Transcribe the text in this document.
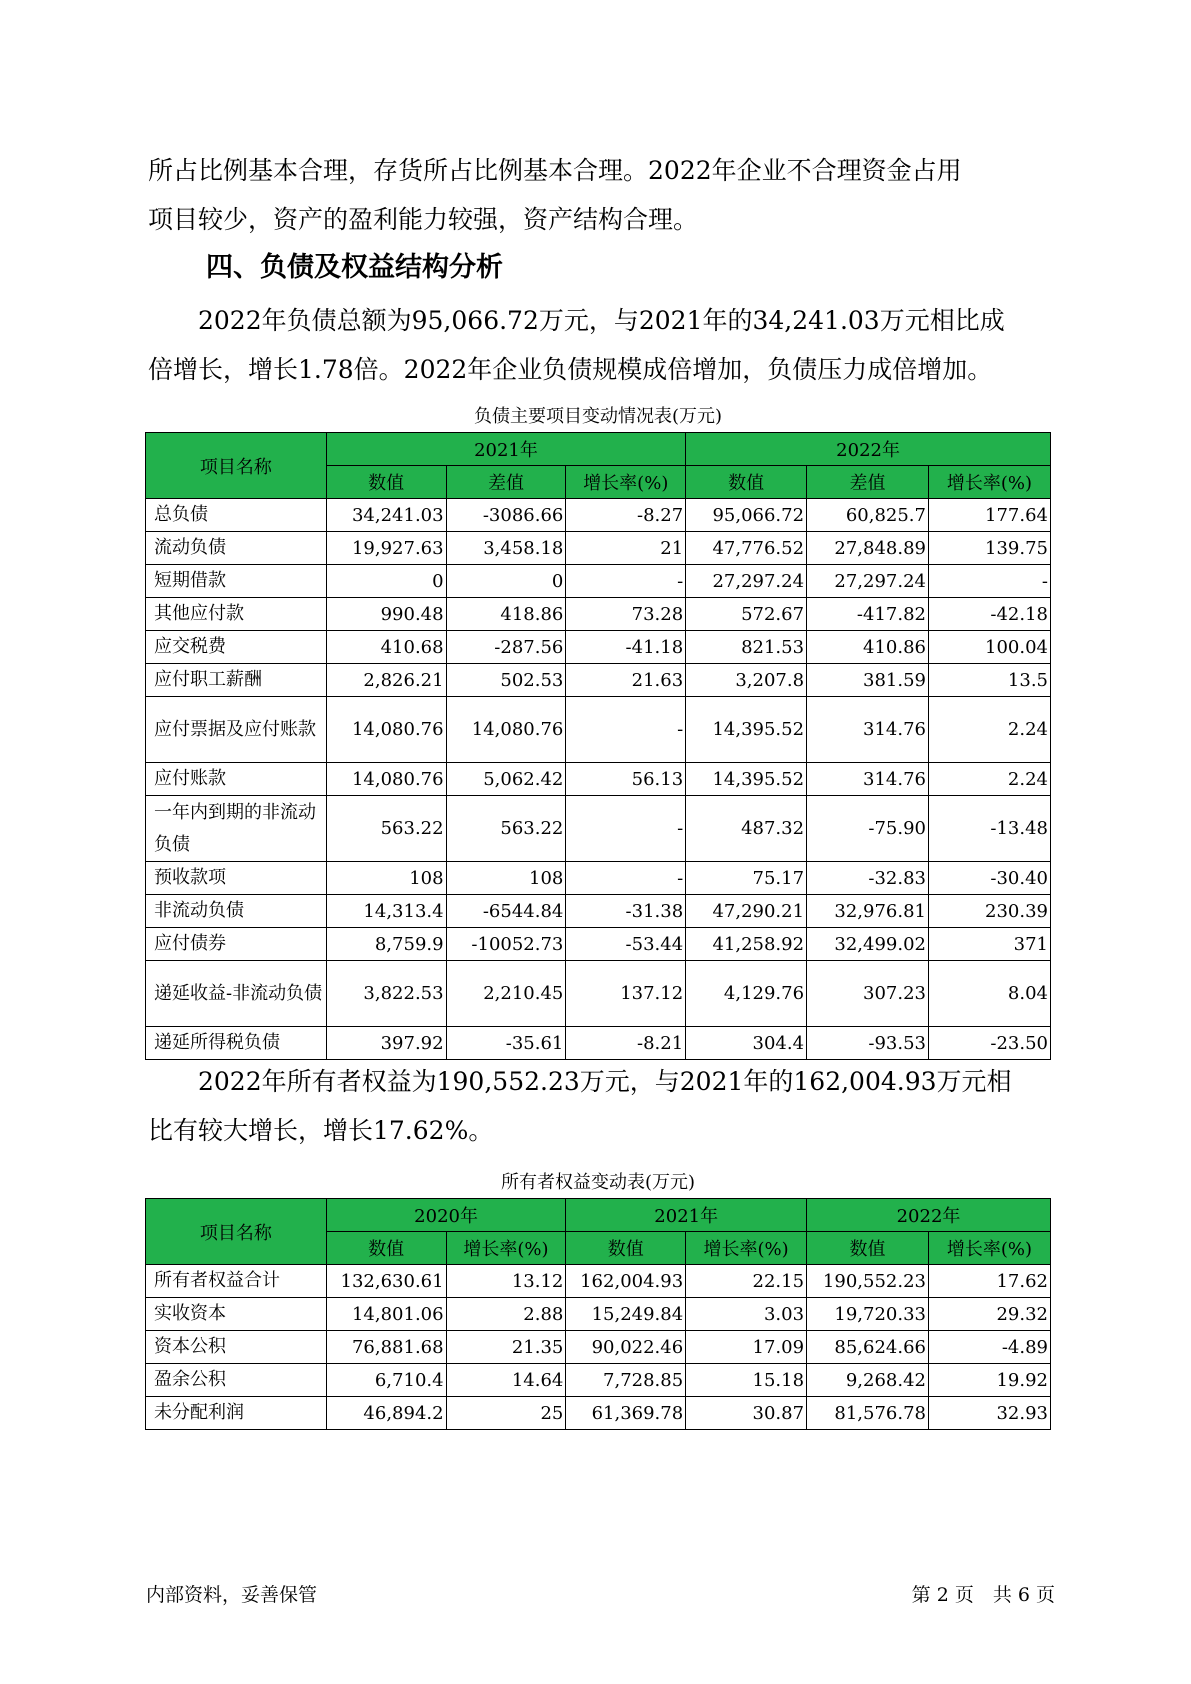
所占比例基本合理，存货所占比例基本合理。2022年企业不合理资金占用

项目较少，资产的盈利能力较强，资产结构合理。

四、负债及权益结构分析

　　2022年负债总额为95,066.72万元，与2021年的34,241.03万元相比成

倍增长，增长1.78倍。2022年企业负债规模成倍增加，负债压力成倍增加。

负债主要项目变动情况表(万元)

项目名称	2021年			2022年		
	数值	差值	增长率(%)	数值	差值	增长率(%)
总负债	34,241.03	-3086.66	-8.27	95,066.72	60,825.7	177.64
流动负债	19,927.63	3,458.18	21	47,776.52	27,848.89	139.75
短期借款	0	0	-	27,297.24	27,297.24	-
其他应付款	990.48	418.86	73.28	572.67	-417.82	-42.18
应交税费	410.68	-287.56	-41.18	821.53	410.86	100.04
应付职工薪酬	2,826.21	502.53	21.63	3,207.8	381.59	13.5
应付票据及应付账款	14,080.76	14,080.76	-	14,395.52	314.76	2.24
应付账款	14,080.76	5,062.42	56.13	14,395.52	314.76	2.24
一年内到期的非流动负债	563.22	563.22	-	487.32	-75.90	-13.48
预收款项	108	108	-	75.17	-32.83	-30.40
非流动负债	14,313.4	-6544.84	-31.38	47,290.21	32,976.81	230.39
应付债券	8,759.9	-10052.73	-53.44	41,258.92	32,499.02	371
递延收益-非流动负债	3,822.53	2,210.45	137.12	4,129.76	307.23	8.04
递延所得税负债	397.92	-35.61	-8.21	304.4	-93.53	-23.50

　　2022年所有者权益为190,552.23万元，与2021年的162,004.93万元相

比有较大增长，增长17.62%。

所有者权益变动表(万元)

项目名称	2020年		2021年		2022年	
	数值	增长率(%)	数值	增长率(%)	数值	增长率(%)
所有者权益合计	132,630.61	13.12	162,004.93	22.15	190,552.23	17.62
实收资本	14,801.06	2.88	15,249.84	3.03	19,720.33	29.32
资本公积	76,881.68	21.35	90,022.46	17.09	85,624.66	-4.89
盈余公积	6,710.4	14.64	7,728.85	15.18	9,268.42	19.92
未分配利润	46,894.2	25	61,369.78	30.87	81,576.78	32.93

内部资料，妥善保管	第 2 页　共 6 页
